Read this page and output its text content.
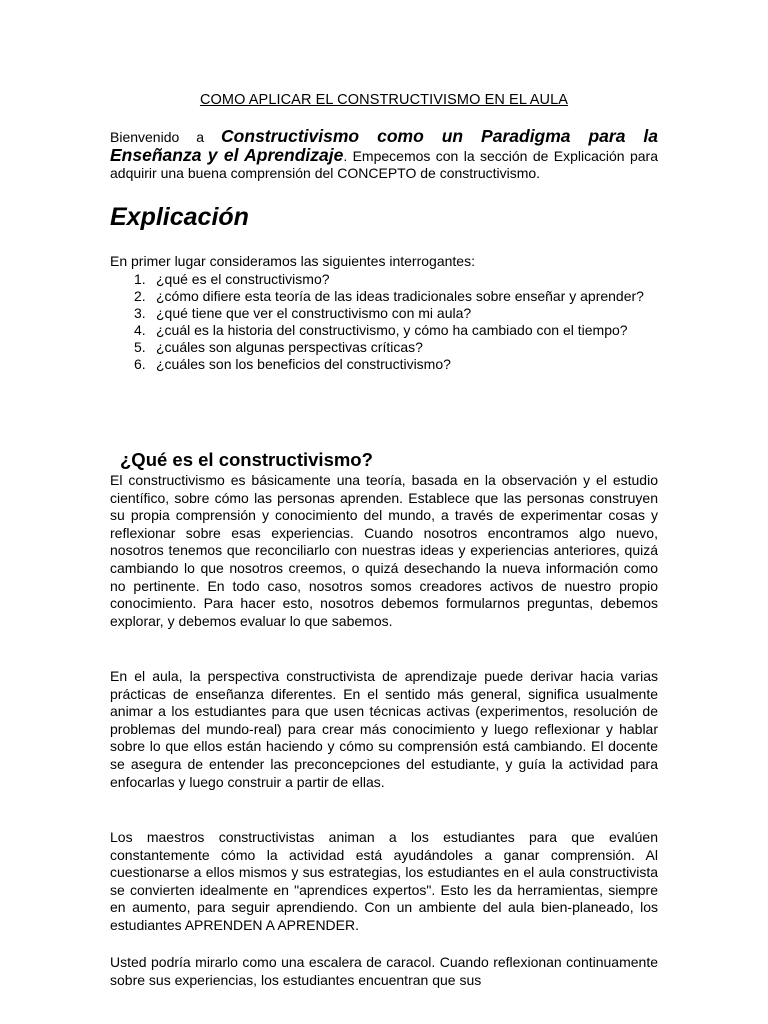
COMO APLICAR EL CONSTRUCTIVISMO EN EL AULA

Bienvenido a Constructivismo como un Paradigma para la Enseñanza y el Aprendizaje. Empecemos con la sección de Explicación para adquirir una buena comprensión del CONCEPTO de constructivismo.

Explicación

En primer lugar consideramos las siguientes interrogantes:

1. ¿qué es el constructivismo?
2. ¿cómo difiere esta teoría de las ideas tradicionales sobre enseñar y aprender?
3. ¿qué tiene que ver el constructivismo con mi aula?
4. ¿cuál es la historia del constructivismo, y cómo ha cambiado con el tiempo?
5. ¿cuáles son algunas perspectivas críticas?
6. ¿cuáles son los beneficios del constructivismo?
¿Qué es el constructivismo?

El constructivismo es básicamente una teoría, basada en la observación y el estudio científico, sobre cómo las personas aprenden. Establece que las personas construyen su propia comprensión y conocimiento del mundo, a través de experimentar cosas y reflexionar sobre esas experiencias. Cuando nosotros encontramos algo nuevo, nosotros tenemos que reconciliarlo con nuestras ideas y experiencias anteriores, quizá cambiando lo que nosotros creemos, o quizá desechando la nueva información como no pertinente. En todo caso, nosotros somos creadores activos de nuestro propio conocimiento. Para hacer esto, nosotros debemos formularnos preguntas, debemos explorar, y debemos evaluar lo que sabemos.

En el aula, la perspectiva constructivista de aprendizaje puede derivar hacia varias prácticas de enseñanza diferentes. En el sentido más general, significa usualmente animar a los estudiantes para que usen técnicas activas (experimentos, resolución de problemas del mundo-real) para crear más conocimiento y luego reflexionar y hablar sobre lo que ellos están haciendo y cómo su comprensión está cambiando. El docente se asegura de entender las preconcepciones del estudiante, y guía la actividad para enfocarlas y luego construir a partir de ellas.

Los maestros constructivistas animan a los estudiantes para que evalúen constantemente cómo la actividad está ayudándoles a ganar comprensión. Al cuestionarse a ellos mismos y sus estrategias, los estudiantes en el aula constructivista se convierten idealmente en "aprendices expertos". Esto les da herramientas, siempre en aumento, para seguir aprendiendo. Con un ambiente del aula bien-planeado, los estudiantes APRENDEN A APRENDER.

Usted podría mirarlo como una escalera de caracol. Cuando reflexionan continuamente sobre sus experiencias, los estudiantes encuentran que sus
